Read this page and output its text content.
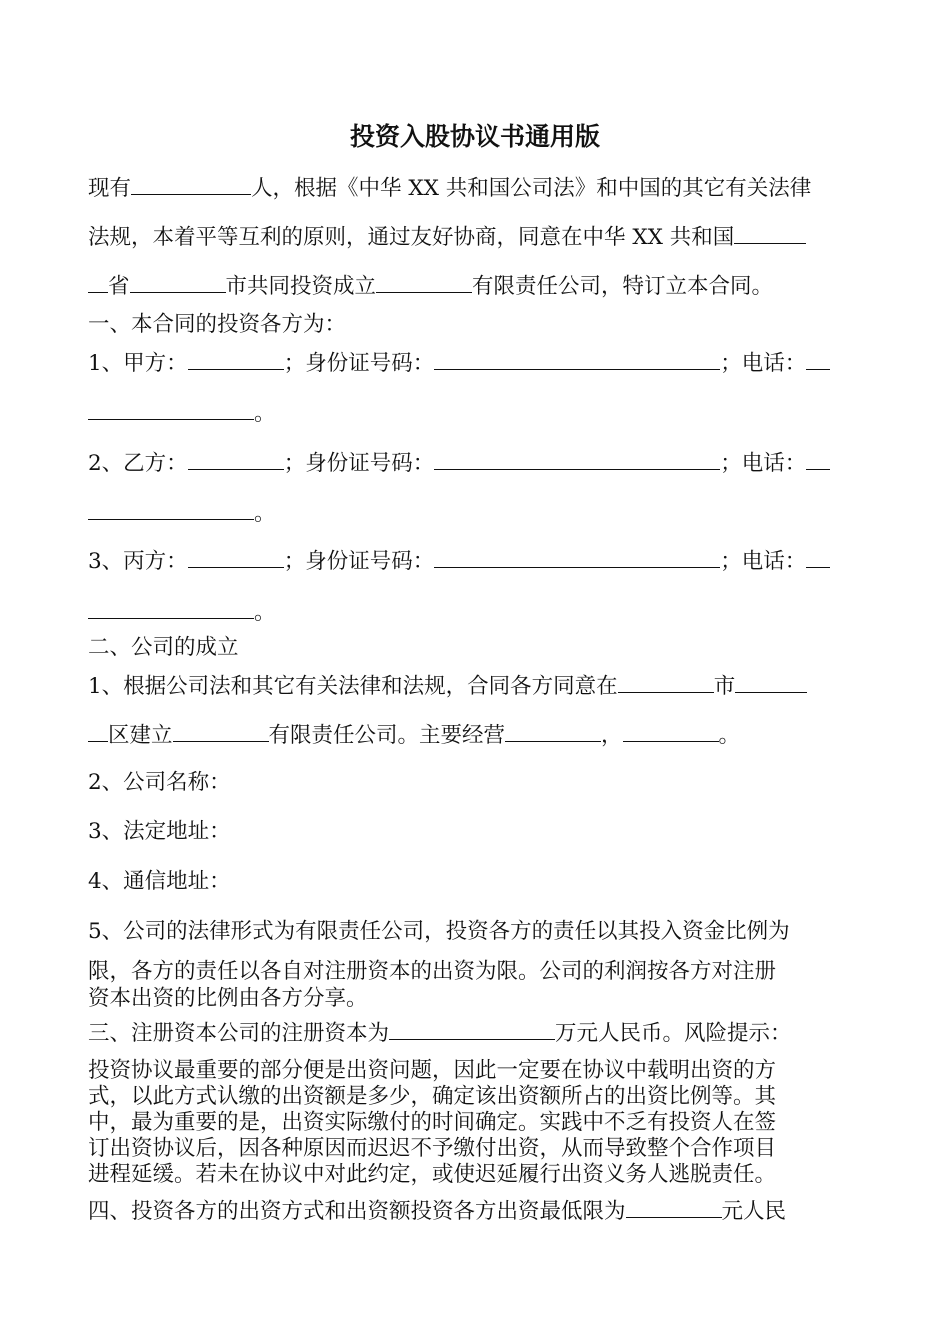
投资入股协议书通用版
现有	人，根据《中华 XX 共和国公司法》和中国的其它有关法律
法规，本着平等互利的原则，通过友好协商，同意在中华 XX 共和国
省	市共同投资成立	有限责任公司，特订立本合同。
一、本合同的投资各方为：
1、甲方：	；身份证号码：	；电话：
。
2、乙方：	；身份证号码：	；电话：
。
3、丙方：	；身份证号码：	；电话：
。
二、公司的成立
1、根据公司法和其它有关法律和法规，合同各方同意在	市
区建立	有限责任公司。主要经营	，	。
2、公司名称：
3、法定地址：
4、通信地址：
5、公司的法律形式为有限责任公司，投资各方的责任以其投入资金比例为
限，各方的责任以各自对注册资本的出资为限。公司的利润按各方对注册
资本出资的比例由各方分享。
三、注册资本公司的注册资本为	万元人民币。风险提示：
投资协议最重要的部分便是出资问题，因此一定要在协议中载明出资的方
式，以此方式认缴的出资额是多少，确定该出资额所占的出资比例等。其
中，最为重要的是，出资实际缴付的时间确定。实践中不乏有投资人在签
订出资协议后，因各种原因而迟迟不予缴付出资，从而导致整个合作项目
进程延缓。若未在协议中对此约定，或使迟延履行出资义务人逃脱责任。
四、投资各方的出资方式和出资额投资各方出资最低限为	元人民
